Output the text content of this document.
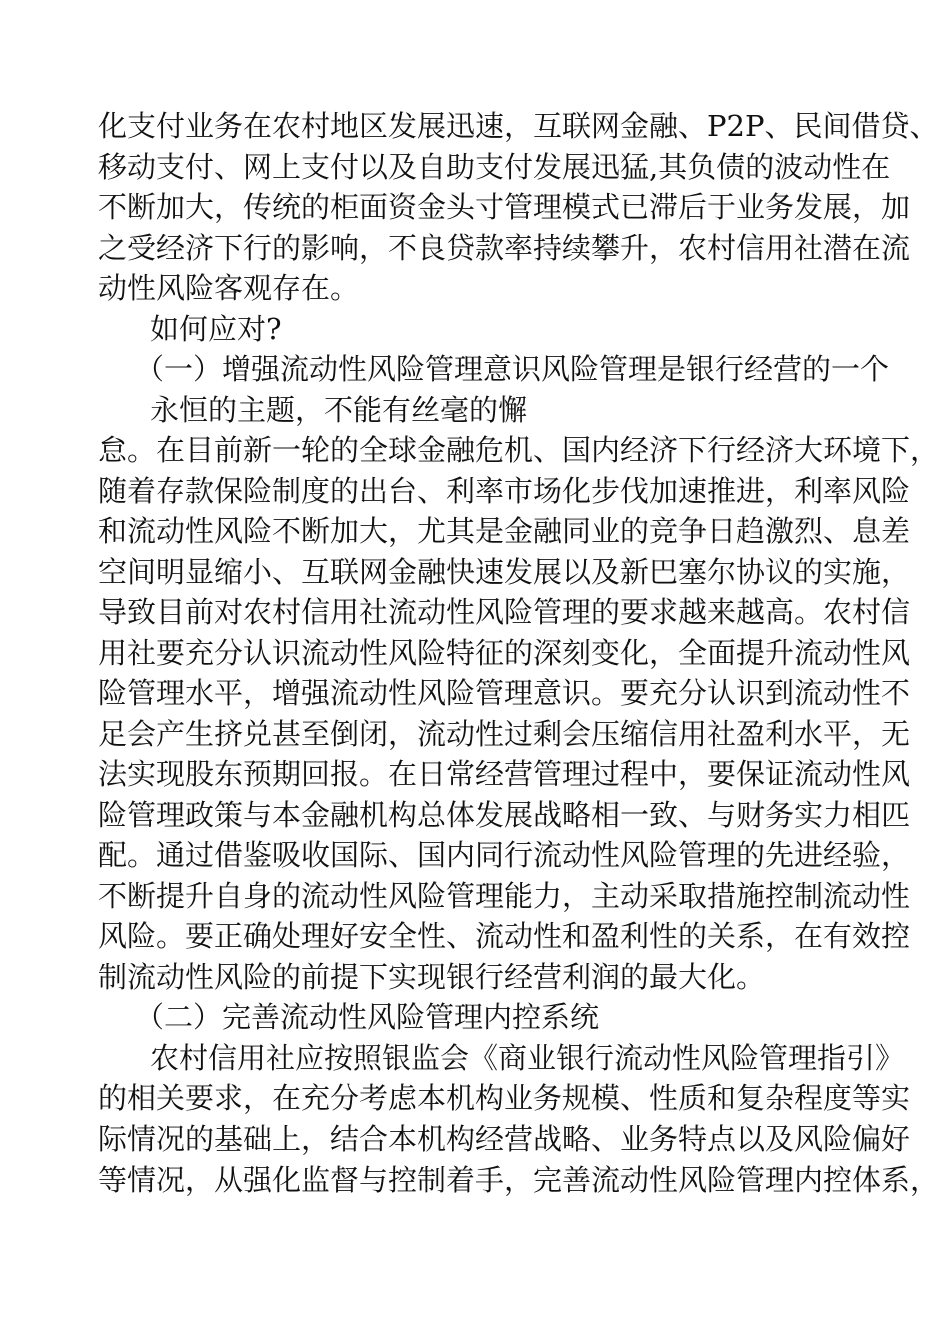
化支付业务在农村地区发展迅速，互联网金融、P2P、民间借贷、
移动支付、网上支付以及自助支付发展迅猛,其负债的波动性在
不断加大，传统的柜面资金头寸管理模式已滞后于业务发展，加
之受经济下行的影响，不良贷款率持续攀升，农村信用社潜在流
动性风险客观存在。
如何应对?
（一）增强流动性风险管理意识风险管理是银行经营的一个
永恒的主题，不能有丝毫的懈
怠。在目前新一轮的全球金融危机、国内经济下行经济大环境下，
随着存款保险制度的出台、利率市场化步伐加速推进，利率风险
和流动性风险不断加大，尤其是金融同业的竞争日趋激烈、息差
空间明显缩小、互联网金融快速发展以及新巴塞尔协议的实施，
导致目前对农村信用社流动性风险管理的要求越来越高。农村信
用社要充分认识流动性风险特征的深刻变化，全面提升流动性风
险管理水平，增强流动性风险管理意识。要充分认识到流动性不
足会产生挤兑甚至倒闭，流动性过剩会压缩信用社盈利水平，无
法实现股东预期回报。在日常经营管理过程中，要保证流动性风
险管理政策与本金融机构总体发展战略相一致、与财务实力相匹
配。通过借鉴吸收国际、国内同行流动性风险管理的先进经验，
不断提升自身的流动性风险管理能力，主动采取措施控制流动性
风险。要正确处理好安全性、流动性和盈利性的关系，在有效控
制流动性风险的前提下实现银行经营利润的最大化。
（二）完善流动性风险管理内控系统
农村信用社应按照银监会《商业银行流动性风险管理指引》
的相关要求，在充分考虑本机构业务规模、性质和复杂程度等实
际情况的基础上，结合本机构经营战略、业务特点以及风险偏好
等情况，从强化监督与控制着手，完善流动性风险管理内控体系，
